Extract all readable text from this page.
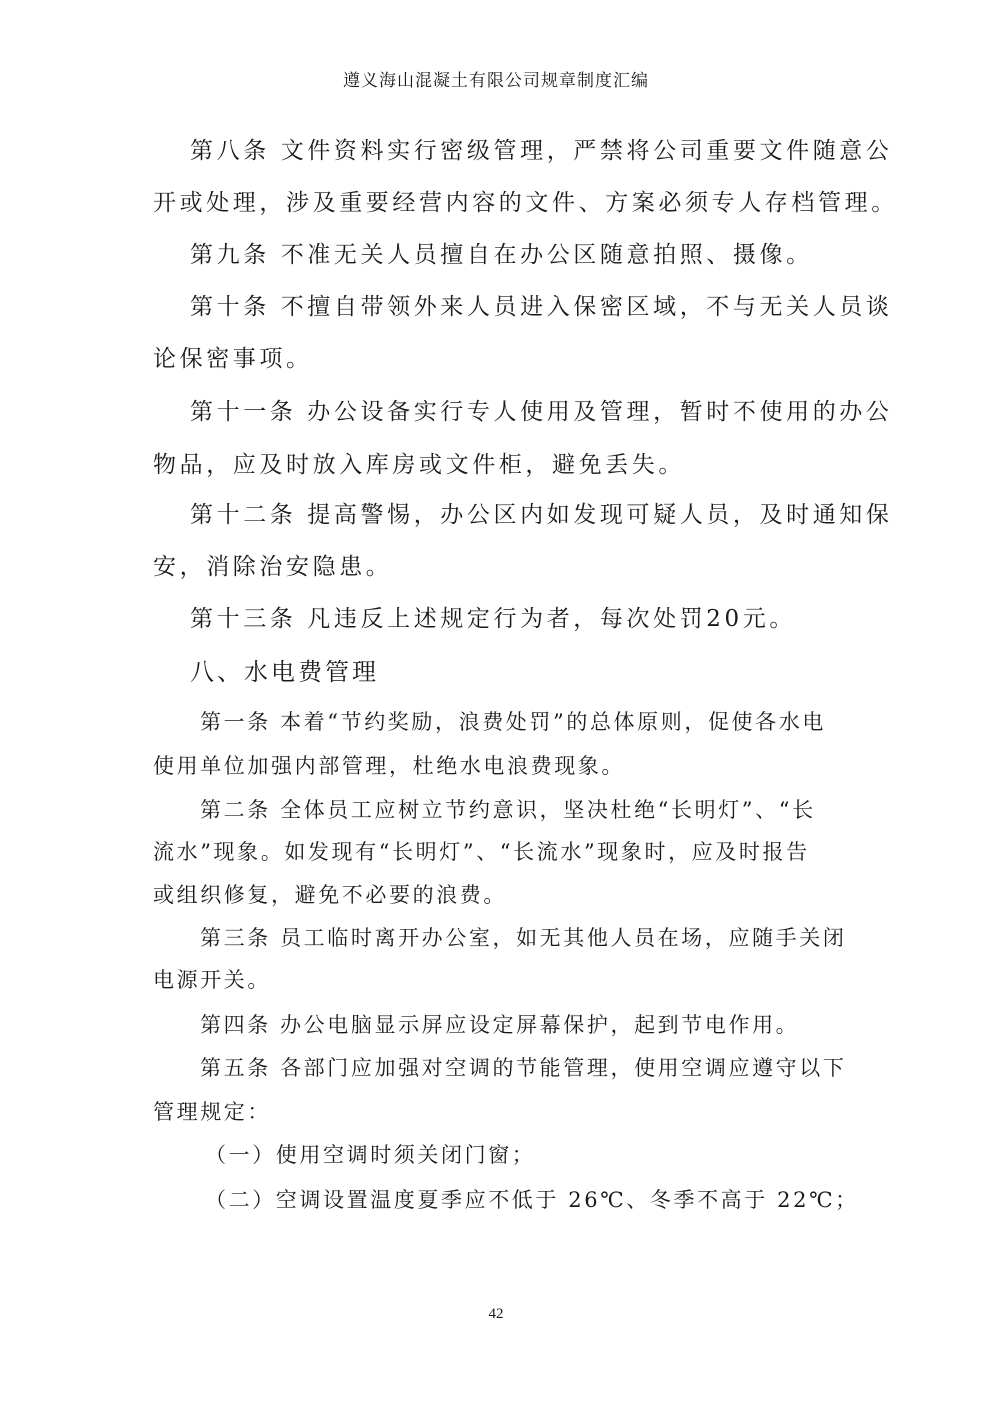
遵义海山混凝土有限公司规章制度汇编
第八条 文件资料实行密级管理，严禁将公司重要文件随意公
开或处理，涉及重要经营内容的文件、方案必须专人存档管理。
第九条 不准无关人员擅自在办公区随意拍照、摄像。
第十条 不擅自带领外来人员进入保密区域，不与无关人员谈
论保密事项。
第十一条 办公设备实行专人使用及管理，暂时不使用的办公
物品，应及时放入库房或文件柜，避免丢失。
第十二条 提高警惕，办公区内如发现可疑人员，及时通知保
安，消除治安隐患。
第十三条 凡违反上述规定行为者，每次处罚20元。
八、水电费管理
第一条 本着“节约奖励，浪费处罚”的总体原则，促使各水电
使用单位加强内部管理，杜绝水电浪费现象。
第二条 全体员工应树立节约意识，坚决杜绝“长明灯”、“长
流水”现象。如发现有“长明灯”、“长流水”现象时，应及时报告
或组织修复，避免不必要的浪费。
第三条 员工临时离开办公室，如无其他人员在场，应随手关闭
电源开关。
第四条 办公电脑显示屏应设定屏幕保护，起到节电作用。
第五条 各部门应加强对空调的节能管理，使用空调应遵守以下
管理规定：
（一）使用空调时须关闭门窗；
（二）空调设置温度夏季应不低于 26℃、冬季不高于 22℃；
42
